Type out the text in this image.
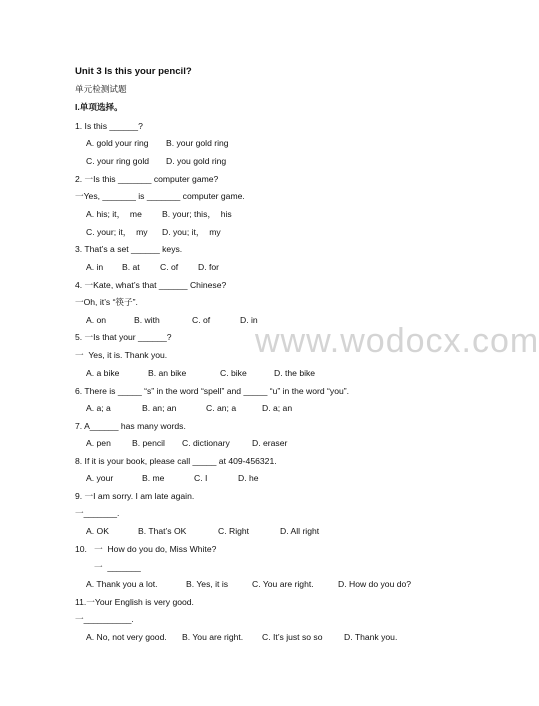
Unit 3 Is this your pencil?
单元检测试题
I.单项选择。
1. Is this ______?
A. gold your ring B. your gold ring
C. your ring gold D. you gold ring
2. 一Is this _______ computer game?
一Yes, _______ is _______ computer game.
A. his; it，  me B. your; this，  his
C. your; it，  my D. you; it，  my
3. That’s a set ______ keys.
A. in B. at C. of D. for
4. 一Kate, what’s that ______ Chinese?
一Oh, it’s “筷子”.
A. on	B. with	C. of	D. in
5. 一Is that your ______?
一  Yes, it is. Thank you.
A. a bike	B. an bike	C. bike	D. the bike
6. There is _____ “s” in the word “spell” and _____ “u” in the word “you”.
A. a; a	B. an; an	C. an; a	D. a; an
7. A______ has many words.
A. pen B. pencil C. dictionary	D. eraser
8. If it is your book, please call _____ at 409-456321.
A. your	B. me	C. I	D. he
9. 一I am sorry. I am late again.
一_______.
A. OK	B. That’s OK	C. Right	D. All right
10.   一  How do you do, Miss White?
一  _______
A. Thank you a lot.	B. Yes, it is	C. You are right.	D. How do you do?
11.一Your English is very good.
一__________.
A. No, not very good. B. You are right. C. It’s just so so	D. Thank you.
www.wodocx.com
